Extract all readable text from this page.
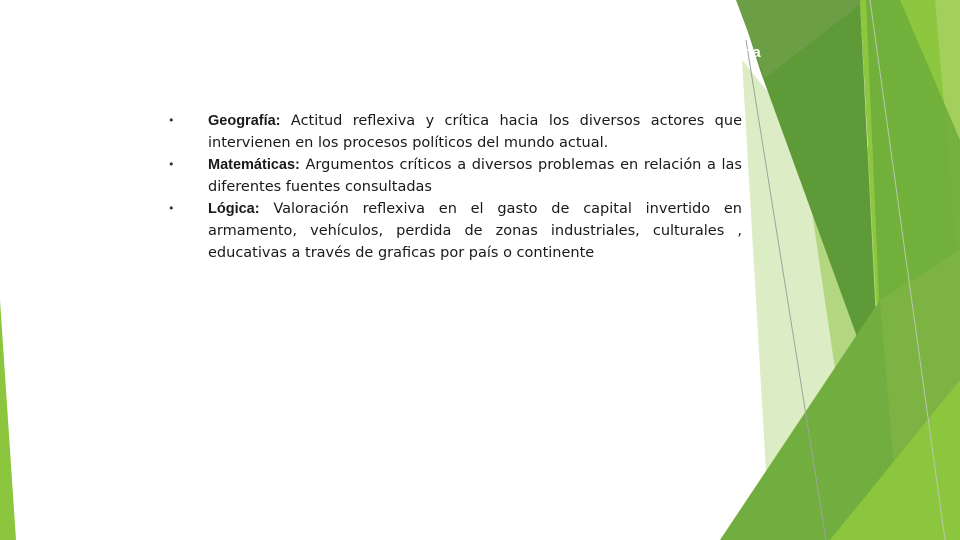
ina
•	Geografía: Actitud reflexiva y crítica hacia los diversos actores que intervienen en los procesos políticos del mundo actual.
•	Matemáticas: Argumentos críticos a diversos problemas en relación a las diferentes fuentes consultadas
•	Lógica: Valoración reflexiva en el gasto de capital invertido en armamento, vehículos, perdida de zonas industriales, culturales , educativas a través de graficas por país o continente
